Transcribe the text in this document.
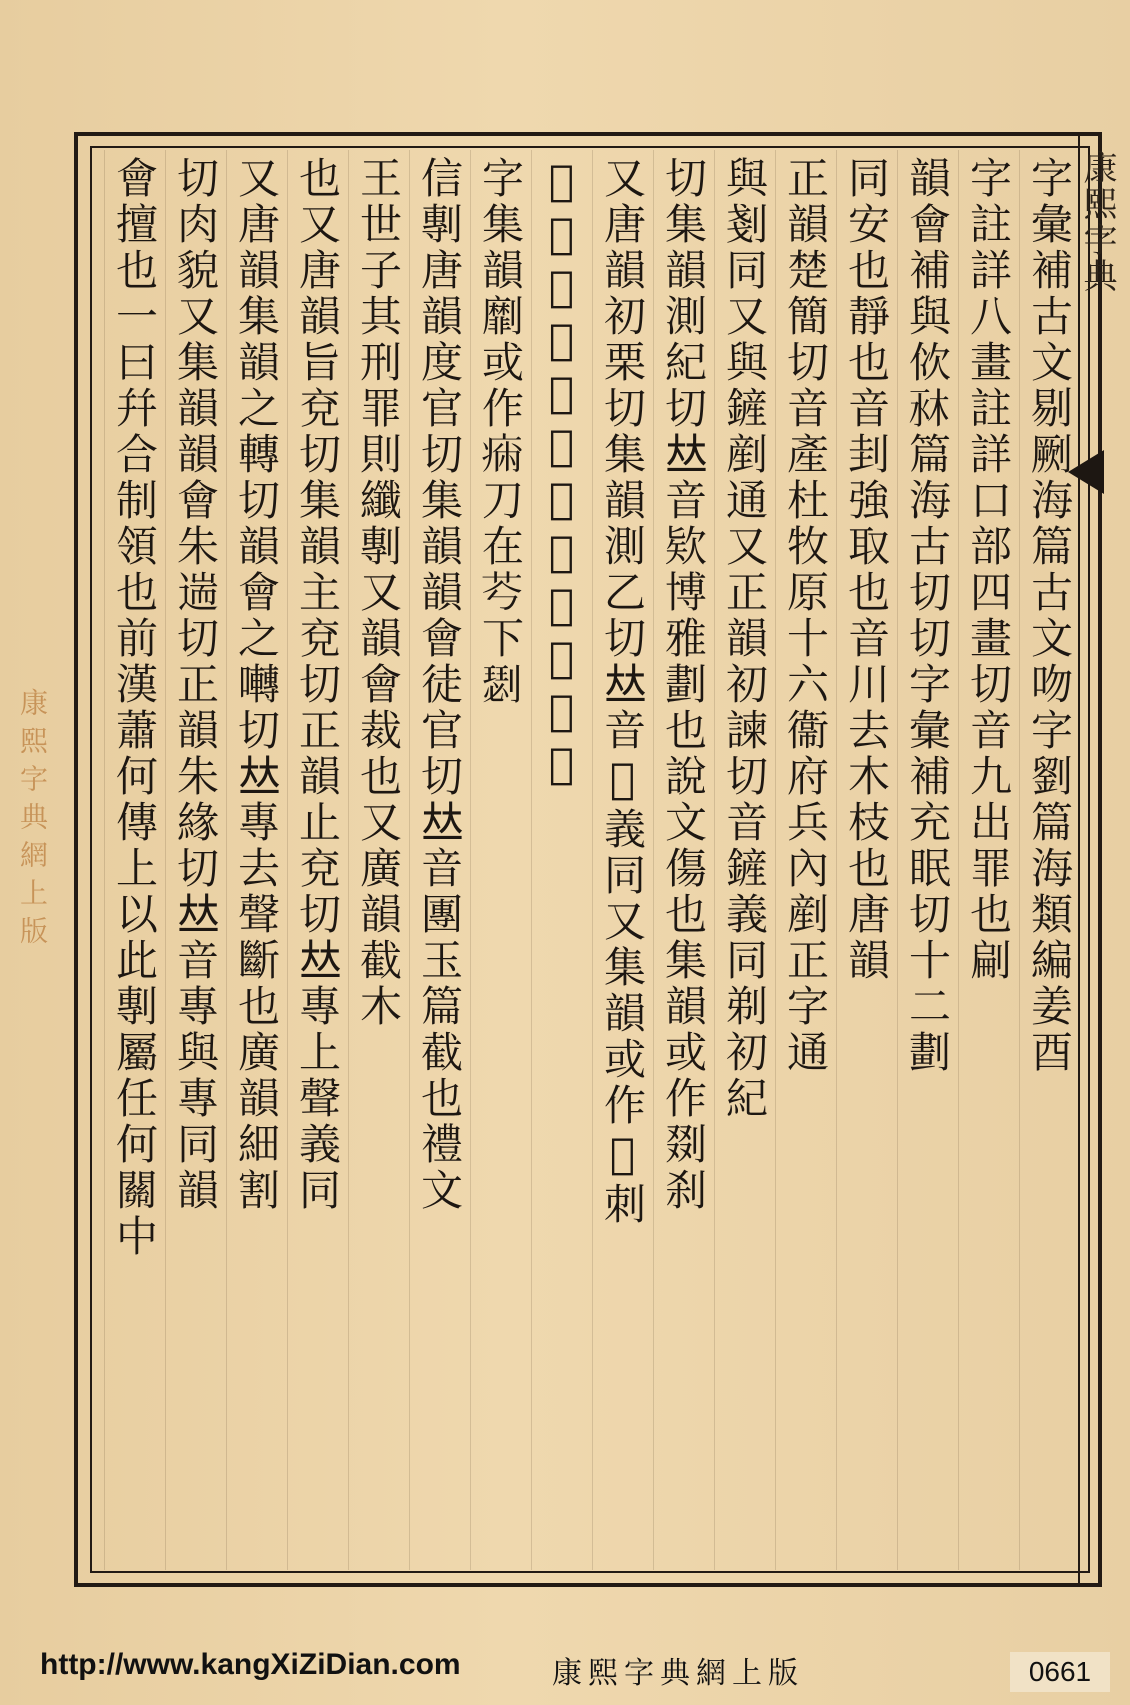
康熙字典
字彙補古文剔劂海篇古文吻字劉篇海類編姜酉
字註詳八畫註詳口部四畫切音九出罪也㓲
韻會補與佽𣐫篇海古切切字彙補充眠切十二劃
同安也靜也音刲強取也音川去木枝也唐韻
正韻楚簡切音產杜牧原十六衞府兵內剷正字通
與剗同又與鏟剷通又正韻初諫切音鏟義同剃初紀
切集韻測紀切𠀤音欵博雅劃也說文傷也集韻或作剟刹
又唐韻初栗切集韻測乙切𠀤音𨑖義同又集韻或作𦬫刺
𠜽篇海音摩削也正字通俗劘
字集韻劘或作𤷗刀在𦬉下𠟦
信剸唐韻度官切集韻韻會徒官切𠀤音團玉篇截也禮文
王世子其刑罪則纖剸又韻會裁也又廣韻截木
也又唐韻旨兗切集韻主兗切正韻止兗切𠀤專上聲義同
又唐韻集韻之轉切韻會之囀切𠀤專去聲斷也廣韻細割
切肉貌又集韻韻會朱遄切正韻朱緣切𠀤音專與專同韻
會擅也一曰幷合制領也前漢蕭何傳上以此剸屬任何關中
康熙字典網上版
http://www.kangXiZiDian.com	康熙字典網上版	0661
